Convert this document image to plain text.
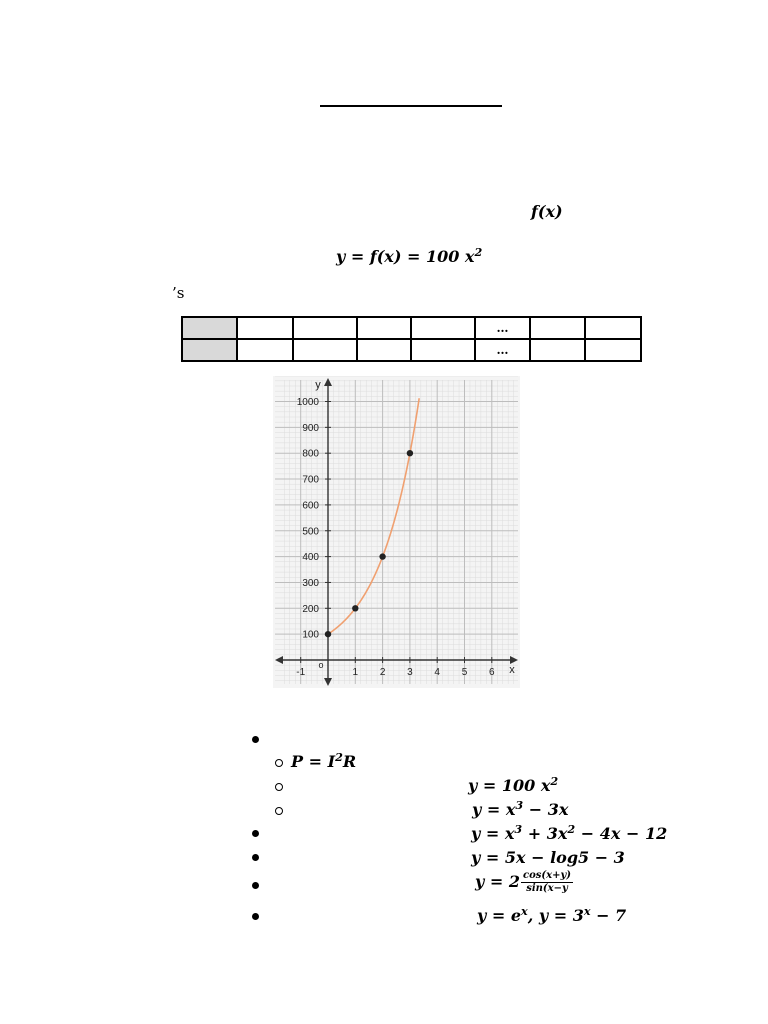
f(x)
y = f(x) = 100 $x^2$
’s
					…		
					…		
-1	1 2 3 4 5 6
100
200
300
400
500
600
700
800
900
1000
x
y
o
$P = I^2R$
y = 100 $x^2$
$y = x^3 - 3x$
$y = x^3 + 3x^2 - 4x - 12$
y = 5x − log5 − 3
$y = 2 \frac{\cos(x+y)}{\sin(x-y}$
$y = e^x$, $y = 3^x - 7$
